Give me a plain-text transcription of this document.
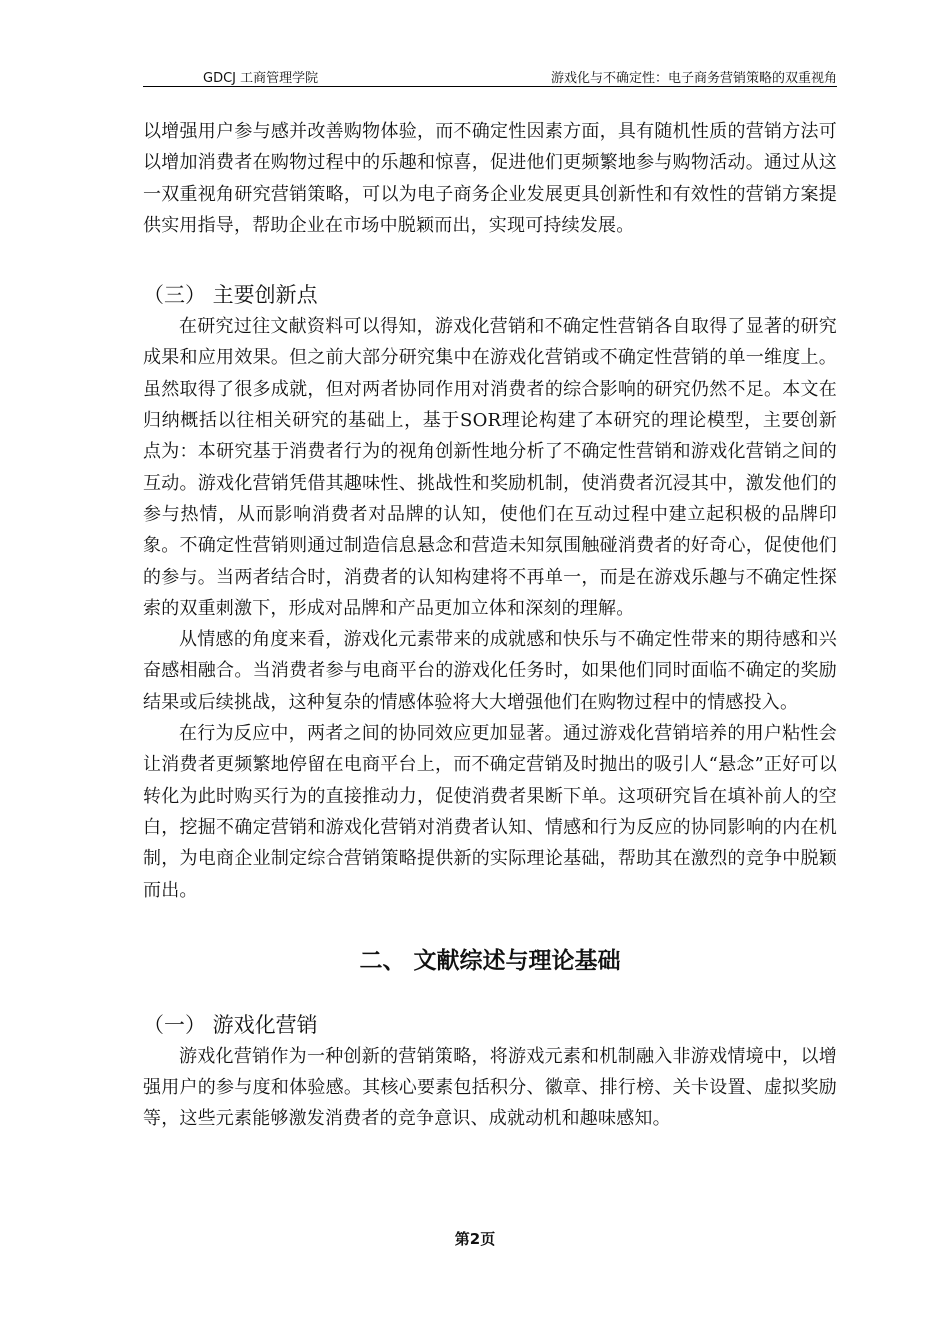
GDCJ 工商管理学院	游戏化与不确定性：电子商务营销策略的双重视角

以增强用户参与感并改善购物体验，而不确定性因素方面，具有随机性质的营销方法可以增加消费者在购物过程中的乐趣和惊喜，促进他们更频繁地参与购物活动。通过从这一双重视角研究营销策略，可以为电子商务企业发展更具创新性和有效性的营销方案提供实用指导，帮助企业在市场中脱颖而出，实现可持续发展。

（三） 主要创新点

在研究过往文献资料可以得知，游戏化营销和不确定性营销各自取得了显著的研究成果和应用效果。但之前大部分研究集中在游戏化营销或不确定性营销的单一维度上。虽然取得了很多成就，但对两者协同作用对消费者的综合影响的研究仍然不足。本文在归纳概括以往相关研究的基础上，基于SOR理论构建了本研究的理论模型，主要创新点为：本研究基于消费者行为的视角创新性地分析了不确定性营销和游戏化营销之间的互动。游戏化营销凭借其趣味性、挑战性和奖励机制，使消费者沉浸其中，激发他们的参与热情，从而影响消费者对品牌的认知，使他们在互动过程中建立起积极的品牌印象。不确定性营销则通过制造信息悬念和营造未知氛围触碰消费者的好奇心，促使他们的参与。当两者结合时，消费者的认知构建将不再单一，而是在游戏乐趣与不确定性探索的双重刺激下，形成对品牌和产品更加立体和深刻的理解。

从情感的角度来看，游戏化元素带来的成就感和快乐与不确定性带来的期待感和兴奋感相融合。当消费者参与电商平台的游戏化任务时，如果他们同时面临不确定的奖励结果或后续挑战，这种复杂的情感体验将大大增强他们在购物过程中的情感投入。

在行为反应中，两者之间的协同效应更加显著。通过游戏化营销培养的用户粘性会让消费者更频繁地停留在电商平台上，而不确定营销及时抛出的吸引人“悬念”正好可以转化为此时购买行为的直接推动力，促使消费者果断下单。这项研究旨在填补前人的空白，挖掘不确定营销和游戏化营销对消费者认知、情感和行为反应的协同影响的内在机制，为电商企业制定综合营销策略提供新的实际理论基础，帮助其在激烈的竞争中脱颖而出。

二、 文献综述与理论基础
（一） 游戏化营销

游戏化营销作为一种创新的营销策略，将游戏元素和机制融入非游戏情境中，以增强用户的参与度和体验感。其核心要素包括积分、徽章、排行榜、关卡设置、虚拟奖励等，这些元素能够激发消费者的竞争意识、成就动机和趣味感知。

第2页
